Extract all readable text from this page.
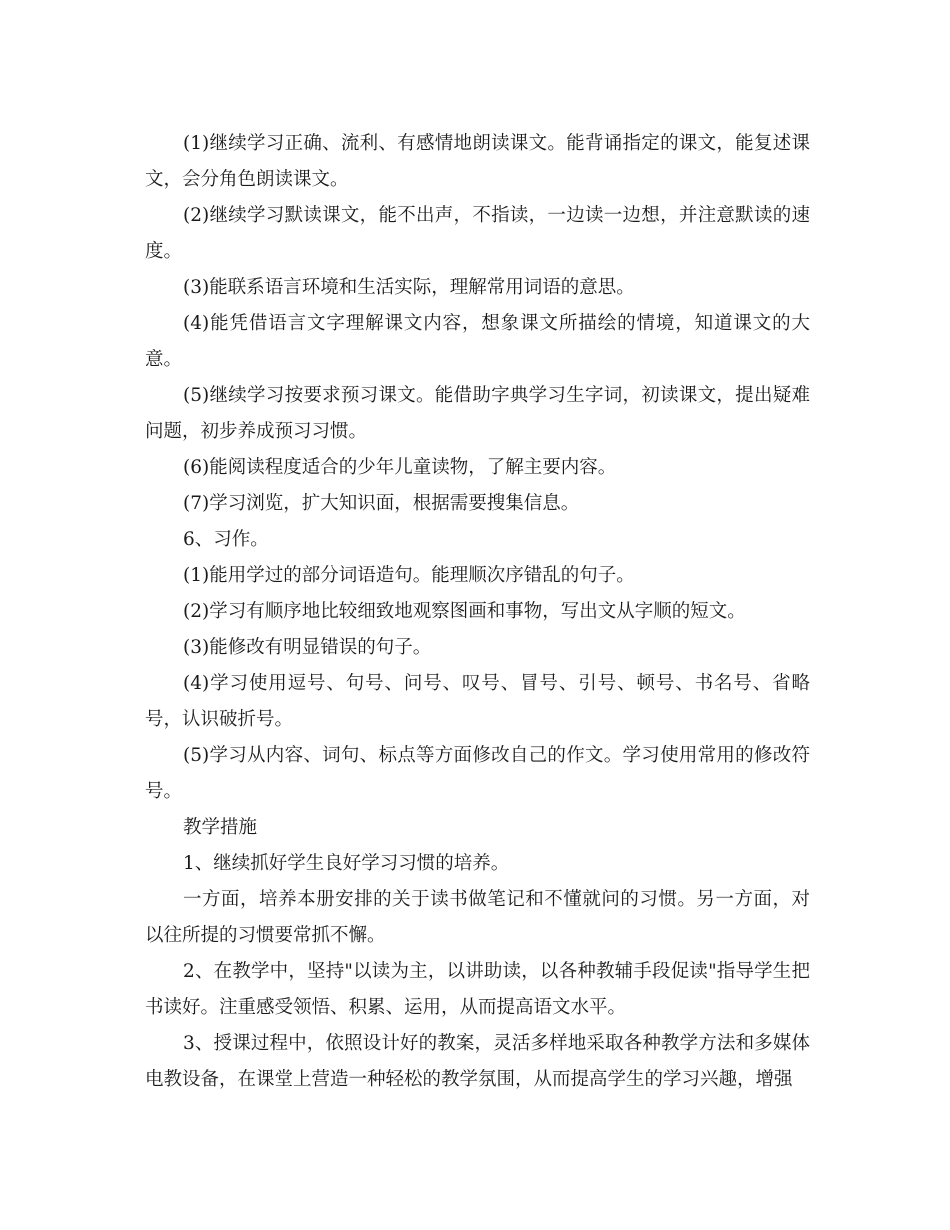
(1)继续学习正确、流利、有感情地朗读课文。能背诵指定的课文，能复述课文，会分角色朗读课文。

(2)继续学习默读课文，能不出声，不指读，一边读一边想，并注意默读的速度。

(3)能联系语言环境和生活实际，理解常用词语的意思。

(4)能凭借语言文字理解课文内容，想象课文所描绘的情境，知道课文的大意。

(5)继续学习按要求预习课文。能借助字典学习生字词，初读课文，提出疑难问题，初步养成预习习惯。

(6)能阅读程度适合的少年儿童读物，了解主要内容。

(7)学习浏览，扩大知识面，根据需要搜集信息。

6、习作。

(1)能用学过的部分词语造句。能理顺次序错乱的句子。

(2)学习有顺序地比较细致地观察图画和事物，写出文从字顺的短文。

(3)能修改有明显错误的句子。

(4)学习使用逗号、句号、问号、叹号、冒号、引号、顿号、书名号、省略号，认识破折号。

(5)学习从内容、词句、标点等方面修改自己的作文。学习使用常用的修改符号。

教学措施

1、继续抓好学生良好学习习惯的培养。

一方面，培养本册安排的关于读书做笔记和不懂就问的习惯。另一方面，对以往所提的习惯要常抓不懈。

2、在教学中，坚持"以读为主，以讲助读，以各种教辅手段促读"指导学生把书读好。注重感受领悟、积累、运用，从而提高语文水平。

3、授课过程中，依照设计好的教案，灵活多样地采取各种教学方法和多媒体电教设备，在课堂上营造一种轻松的教学氛围，从而提高学生的学习兴趣，增强
